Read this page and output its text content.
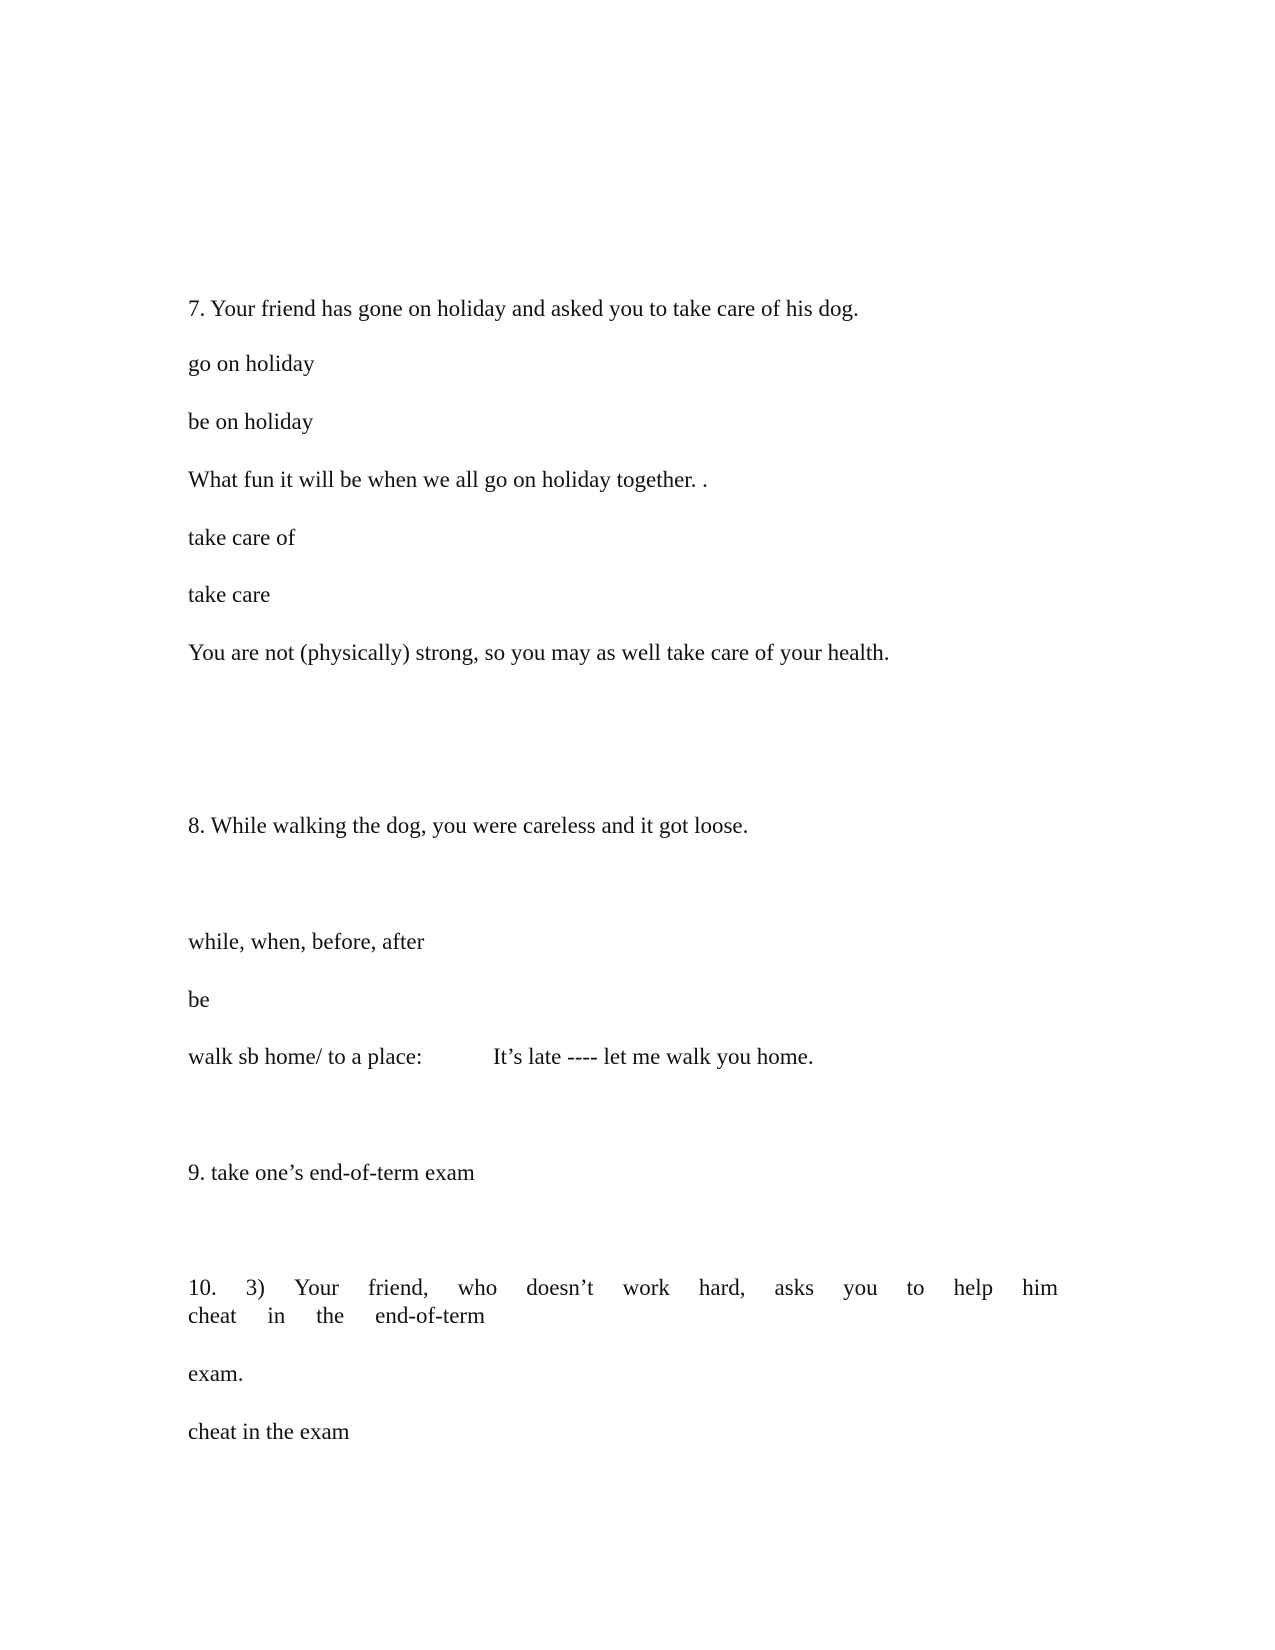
7. Your friend has gone on holiday and asked you to take care of his dog.
go on holiday
be on holiday
What fun it will be when we all go on holiday together. .
take care of
take care
You are not (physically) strong, so you may as well take care of your health.
8. While walking the dog, you were careless and it got loose.
while, when, before, after
be
walk sb home/ to a place:	It’s late ---- let me walk you home.
9. take one’s end-of-term exam
10. 3) Your friend, who doesn’t work hard, asks you to help him
cheat in the end-of-term
exam.
cheat in the exam
